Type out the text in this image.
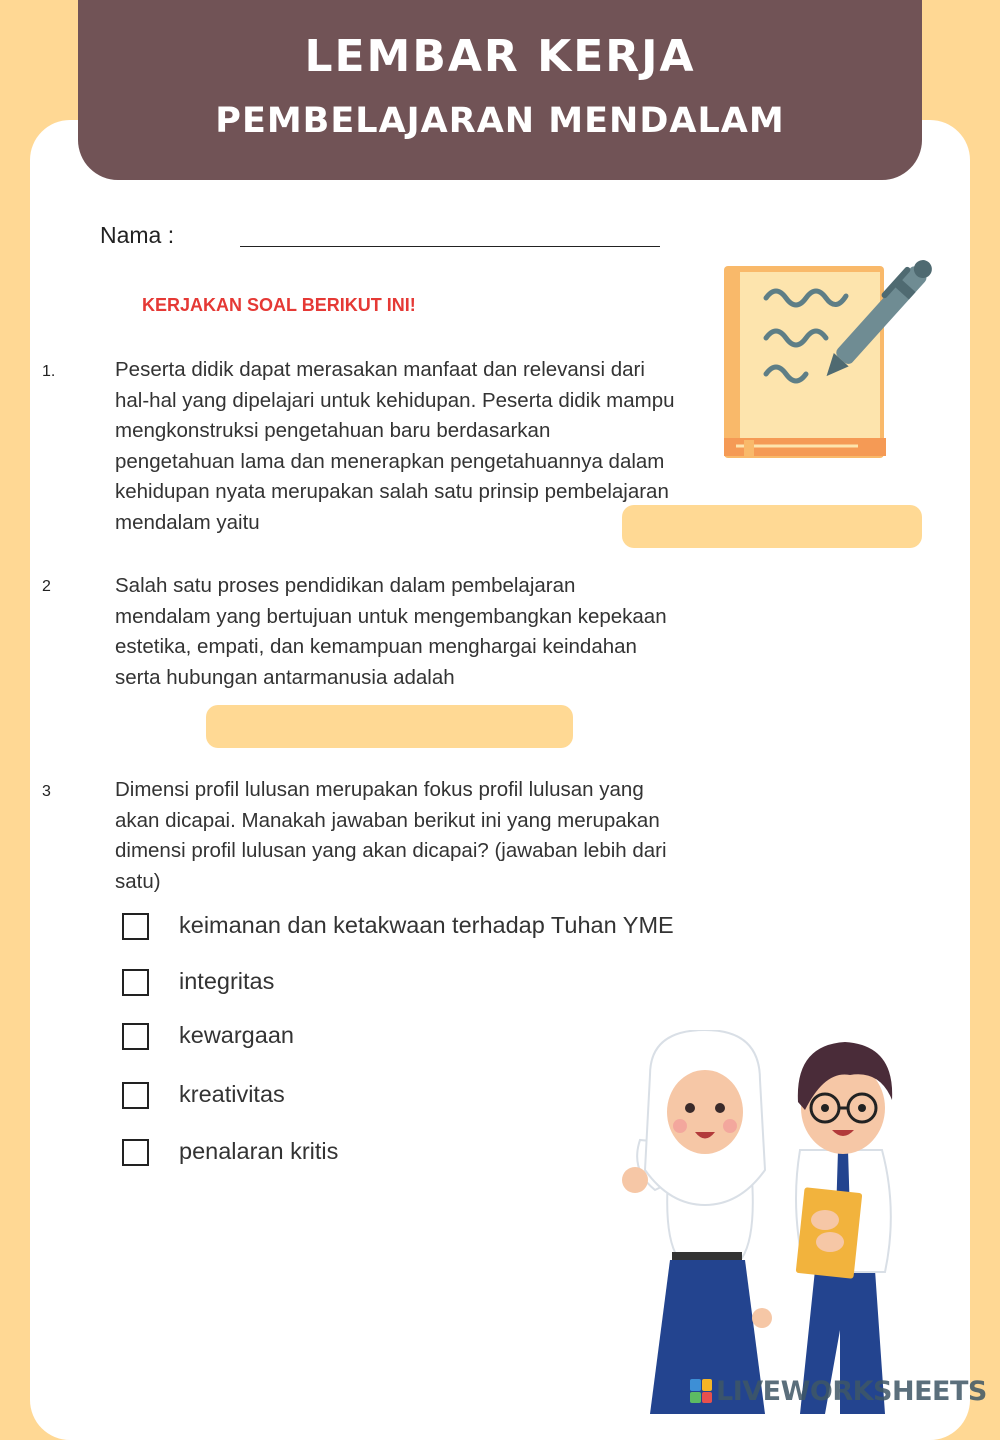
LEMBAR KERJA
PEMBELAJARAN MENDALAM
Nama :
KERJAKAN SOAL BERIKUT INI!
1.	Peserta didik dapat merasakan manfaat dan relevansi dari hal-hal yang dipelajari untuk kehidupan. Peserta didik mampu mengkonstruksi pengetahuan baru berdasarkan pengetahuan lama dan menerapkan pengetahuannya dalam kehidupan nyata merupakan salah satu prinsip pembelajaran mendalam yaitu
2	Salah satu proses pendidikan dalam pembelajaran mendalam yang bertujuan untuk mengembangkan kepekaan estetika, empati, dan kemampuan menghargai keindahan serta hubungan antarmanusia adalah
3	Dimensi profil lulusan merupakan fokus profil lulusan yang akan dicapai. Manakah jawaban berikut ini yang merupakan dimensi profil lulusan yang akan dicapai? (jawaban lebih dari satu)
keimanan dan ketakwaan terhadap Tuhan YME
integritas
kewargaan
kreativitas
penalaran kritis
LIVEWORKSHEETS
